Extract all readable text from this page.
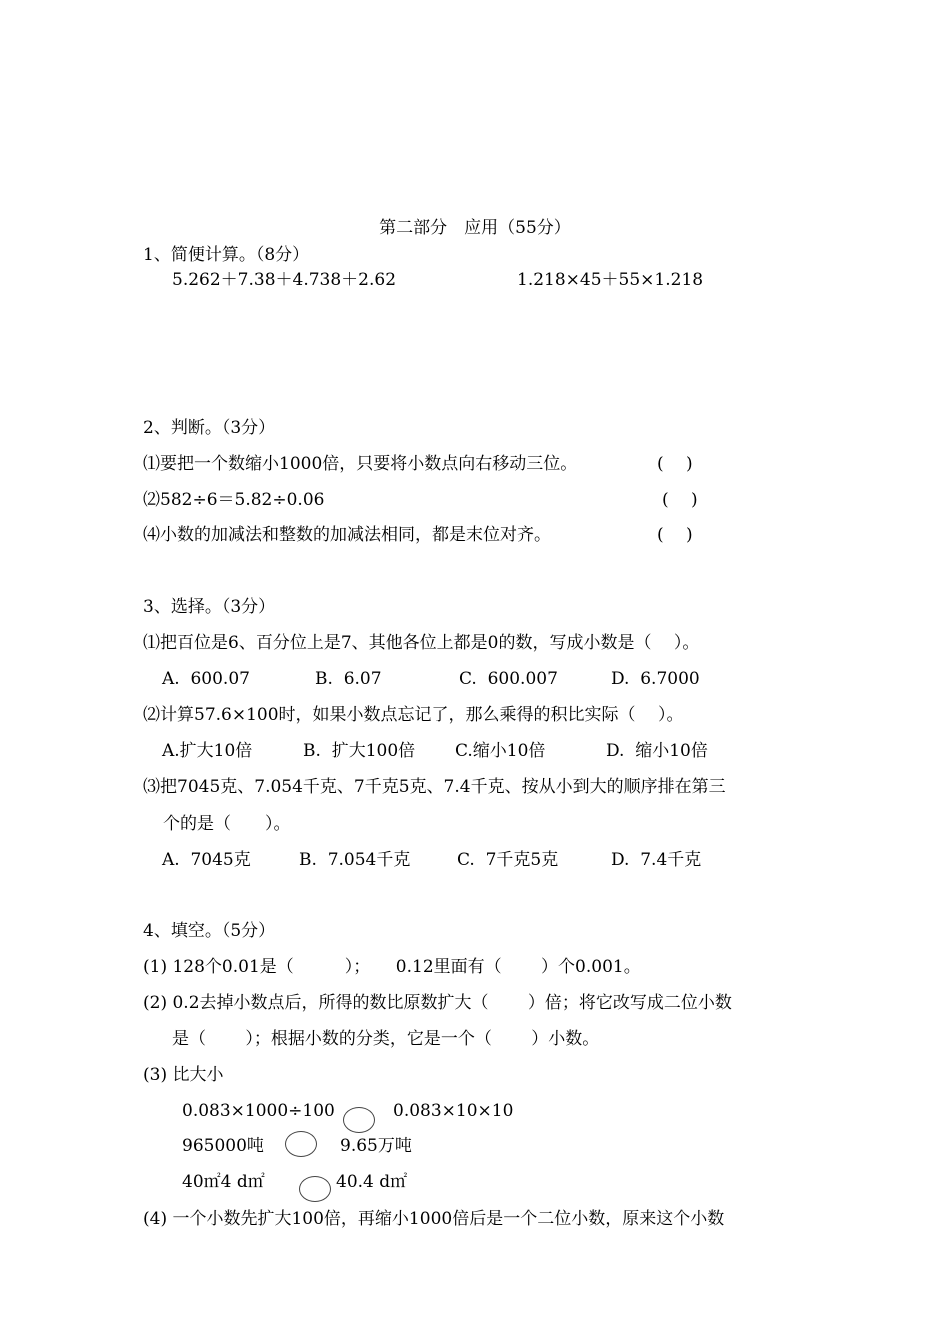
第二部分　应用（55分）
1、简便计算。（8分）
5.262＋7.38＋4.738＋2.62	1.218×45＋55×1.218
2、判断。（3分）
⑴要把一个数缩小1000倍，只要将小数点向右移动三位。	(　 )
⑵582÷6＝5.82÷0.06	(　 )
⑷小数的加减法和整数的加减法相同，都是末位对齐。	(　 )
3、选择。（3分）
⑴把百位是6、百分位上是7、其他各位上都是0的数，写成小数是（　 ）。
A.  600.07	B.  6.07	C.  600.007	D.  6.7000
⑵计算57.6×100时，如果小数点忘记了，那么乘得的积比实际（　 ）。
A.扩大10倍	B.  扩大100倍 C.缩小10倍	D.  缩小10倍
⑶把7045克、7.054千克、7千克5克、7.4千克、按从小到大的顺序排在第三
个的是（　　）。
A.  7045克	B.  7.054千克	C.  7千克5克	D.  7.4千克
4、填空。（5分）
(1) 128个0.01是（　　　）；　　0.12里面有（　　 ）个0.001。
(2) 0.2去掉小数点后，所得的数比原数扩大（　　 ）倍；将它改写成二位小数
是（　　 ）；根据小数的分类，它是一个（　　 ）小数。
(3) 比大小
0.083×1000÷100	0.083×10×10
965000吨	9.65万吨
40㎡4 d㎡	40.4 d㎡
(4) 一个小数先扩大100倍，再缩小1000倍后是一个二位小数，原来这个小数
